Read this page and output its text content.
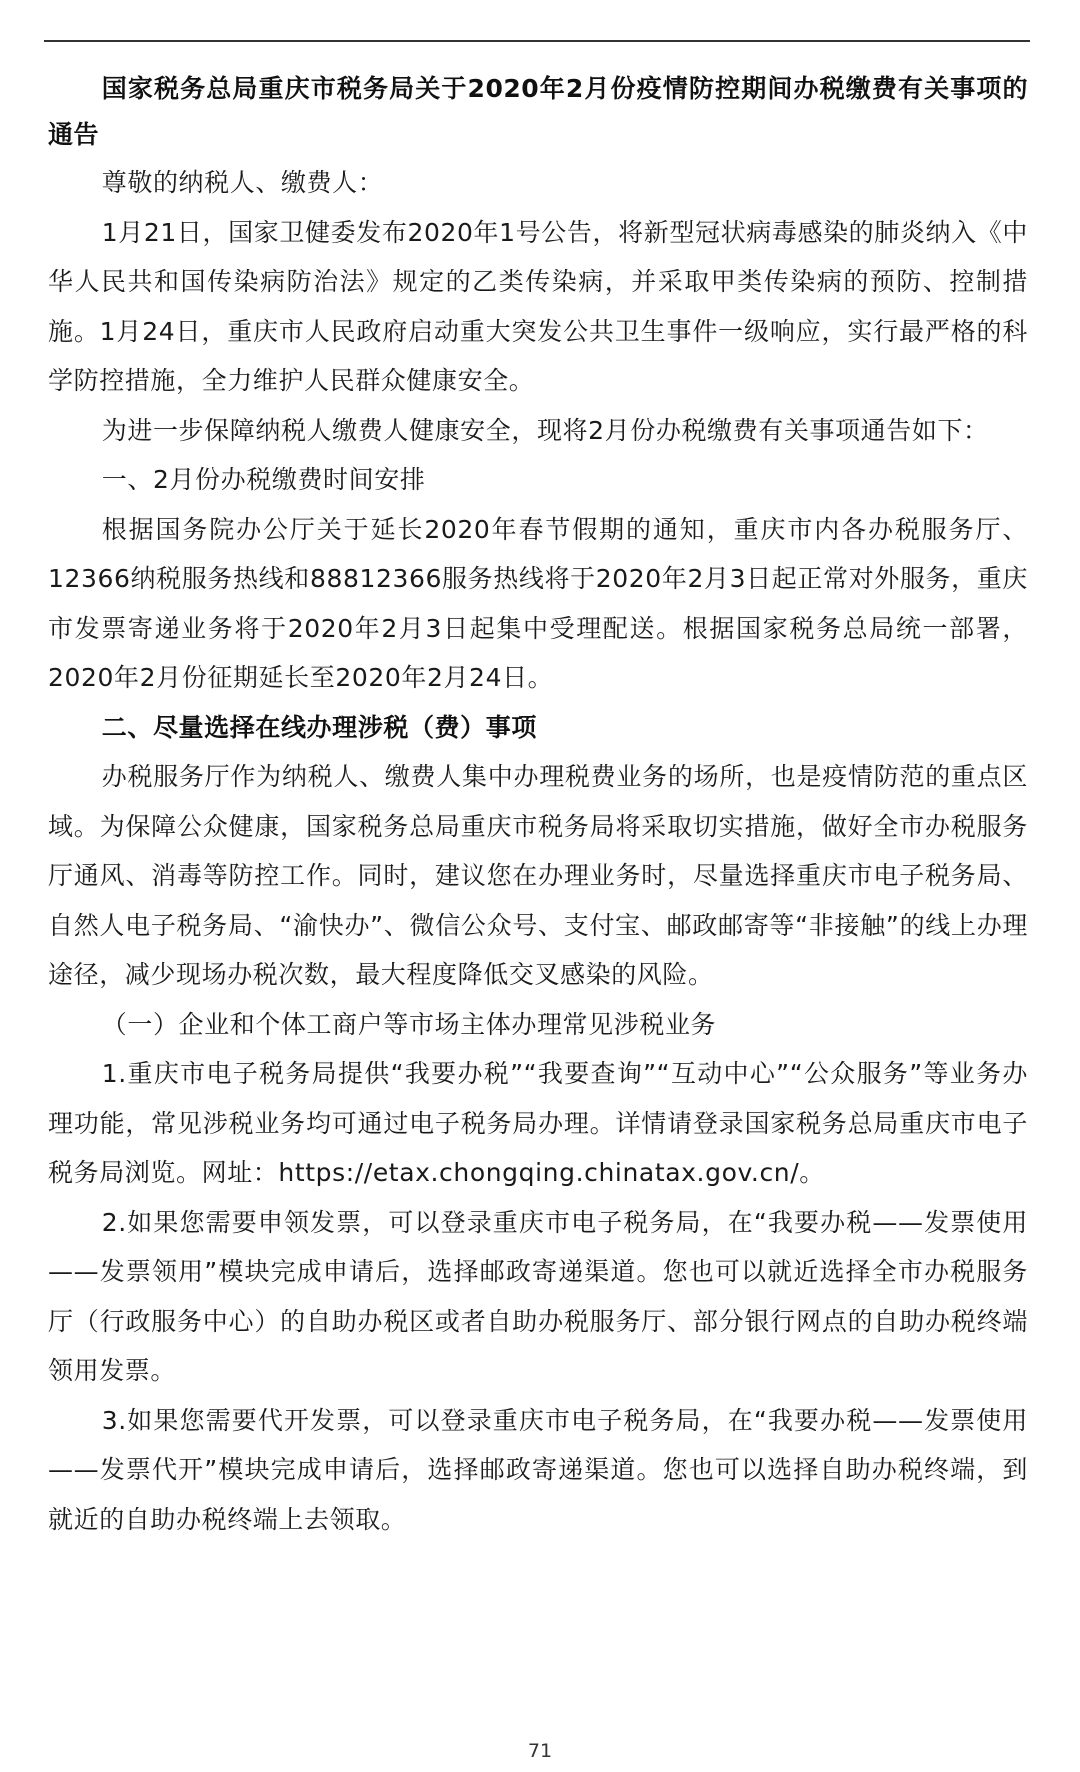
国家税务总局重庆市税务局关于2020年2月份疫情防控期间办税缴费有关事项的通告

尊敬的纳税人、缴费人：

1月21日，国家卫健委发布2020年1号公告，将新型冠状病毒感染的肺炎纳入《中华人民共和国传染病防治法》规定的乙类传染病，并采取甲类传染病的预防、控制措施。1月24日，重庆市人民政府启动重大突发公共卫生事件一级响应，实行最严格的科学防控措施，全力维护人民群众健康安全。

为进一步保障纳税人缴费人健康安全，现将2月份办税缴费有关事项通告如下：

一、2月份办税缴费时间安排

根据国务院办公厅关于延长2020年春节假期的通知，重庆市内各办税服务厅、12366纳税服务热线和88812366服务热线将于2020年2月3日起正常对外服务，重庆市发票寄递业务将于2020年2月3日起集中受理配送。根据国家税务总局统一部署，2020年2月份征期延长至2020年2月24日。

二、尽量选择在线办理涉税（费）事项

办税服务厅作为纳税人、缴费人集中办理税费业务的场所，也是疫情防范的重点区域。为保障公众健康，国家税务总局重庆市税务局将采取切实措施，做好全市办税服务厅通风、消毒等防控工作。同时，建议您在办理业务时，尽量选择重庆市电子税务局、自然人电子税务局、“渝快办”、微信公众号、支付宝、邮政邮寄等“非接触”的线上办理途径，减少现场办税次数，最大程度降低交叉感染的风险。

（一）企业和个体工商户等市场主体办理常见涉税业务

1.重庆市电子税务局提供“我要办税”“我要查询”“互动中心”“公众服务”等业务办理功能，常见涉税业务均可通过电子税务局办理。详情请登录国家税务总局重庆市电子税务局浏览。网址：https://etax.chongqing.chinatax.gov.cn/。

2.如果您需要申领发票，可以登录重庆市电子税务局，在“我要办税——发票使用——发票领用”模块完成申请后，选择邮政寄递渠道。您也可以就近选择全市办税服务厅（行政服务中心）的自助办税区或者自助办税服务厅、部分银行网点的自助办税终端领用发票。

3.如果您需要代开发票，可以登录重庆市电子税务局，在“我要办税——发票使用——发票代开”模块完成申请后，选择邮政寄递渠道。您也可以选择自助办税终端，到就近的自助办税终端上去领取。

71
